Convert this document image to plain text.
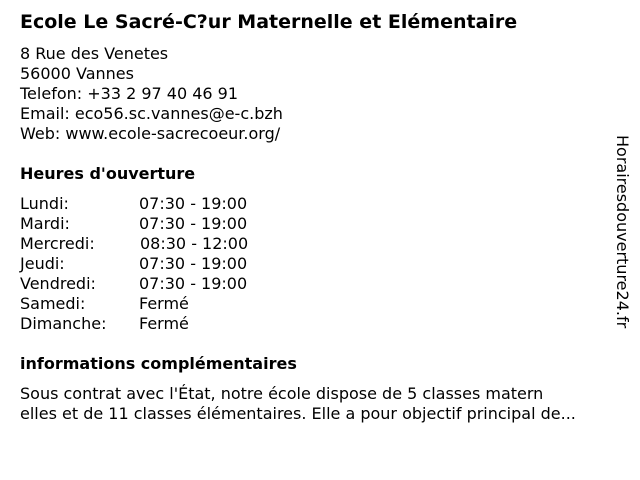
Ecole Le Sacré-C?ur Maternelle et Elémentaire
8 Rue des Venetes
56000 Vannes
Telefon: +33 2 97 40 46 91
Email: eco56.sc.vannes@e-c.bzh
Web: www.ecole-sacrecoeur.org/
Heures d'ouverture
Lundi:	07:30 - 19:00
Mardi:	07:30 - 19:00
Mercredi:	08:30 - 12:00
Jeudi:	07:30 - 19:00
Vendredi:	07:30 - 19:00
Samedi:	Fermé
Dimanche: Fermé
informations complémentaires
Sous contrat avec l'État, notre école dispose de 5 classes matern
elles et de 11 classes élémentaires. Elle a pour objectif principal de...
Horairesdouverture24.fr
